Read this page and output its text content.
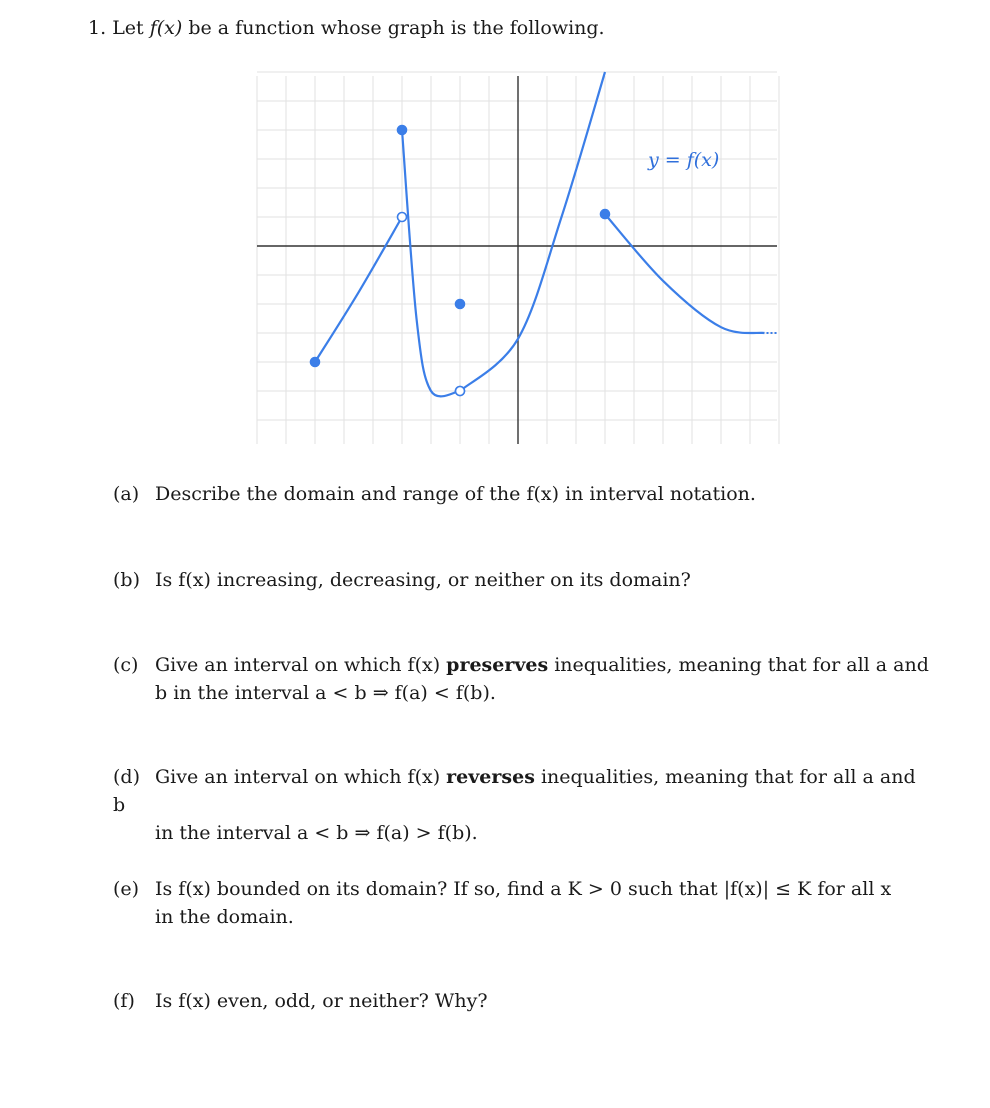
1. Let f(x) be a function whose graph is the following.
y = f(x)
(a) Describe the domain and range of the f(x) in interval notation.
(b) Is f(x) increasing, decreasing, or neither on its domain?
(c) Give an interval on which f(x) preserves inequalities, meaning that for all a and
b in the interval a < b ⇒ f(a) < f(b).
(d) Give an interval on which f(x) reverses inequalities, meaning that for all a and b
in the interval a < b ⇒ f(a) > f(b).
(e) Is f(x) bounded on its domain? If so, find a K > 0 such that |f(x)| ≤ K for all x
in the domain.
(f) Is f(x) even, odd, or neither? Why?
